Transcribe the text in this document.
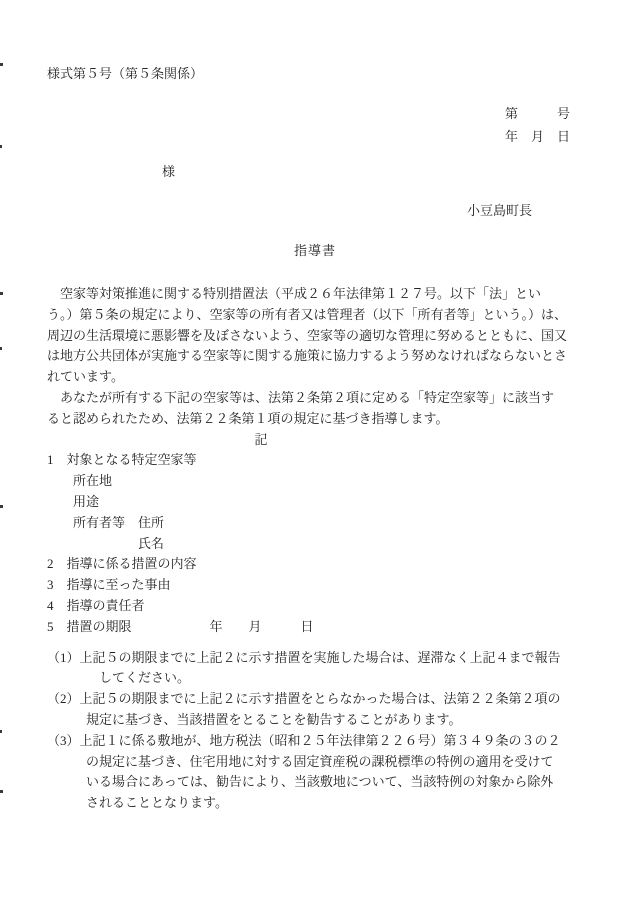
様式第５号（第５条関係）
第　　　号
年　月　日
様
小豆島町長
指導書
　空家等対策推進に関する特別措置法（平成２６年法律第１２７号。以下「法」とい
う。）第５条の規定により、空家等の所有者又は管理者（以下「所有者等」という。）は、
周辺の生活環境に悪影響を及ぼさないよう、空家等の適切な管理に努めるとともに、国又
は地方公共団体が実施する空家等に関する施策に協力するよう努めなければならないとさ
れています。
　あなたが所有する下記の空家等は、法第２条第２項に定める「特定空家等」に該当す
ると認められたため、法第２２条第１項の規定に基づき指導します。
記
1　対象となる特定空家等
　　所在地
　　用途
　　所有者等　住所
　　　　　　　氏名
2　指導に係る措置の内容
3　指導に至った事由
4　指導の責任者
5　措置の期限　　　　　　年　　月　　　日
（1）上記５の期限までに上記２に示す措置を実施した場合は、遅滞なく上記４まで報告
　　　　してください。
（2）上記５の期限までに上記２に示す措置をとらなかった場合は、法第２２条第２項の
　　　規定に基づき、当該措置をとることを勧告することがあります。
（3）上記１に係る敷地が、地方税法（昭和２５年法律第２２６号）第３４９条の３の２
　　　の規定に基づき、住宅用地に対する固定資産税の課税標準の特例の適用を受けて
　　　いる場合にあっては、勧告により、当該敷地について、当該特例の対象から除外
　　　されることとなります。
